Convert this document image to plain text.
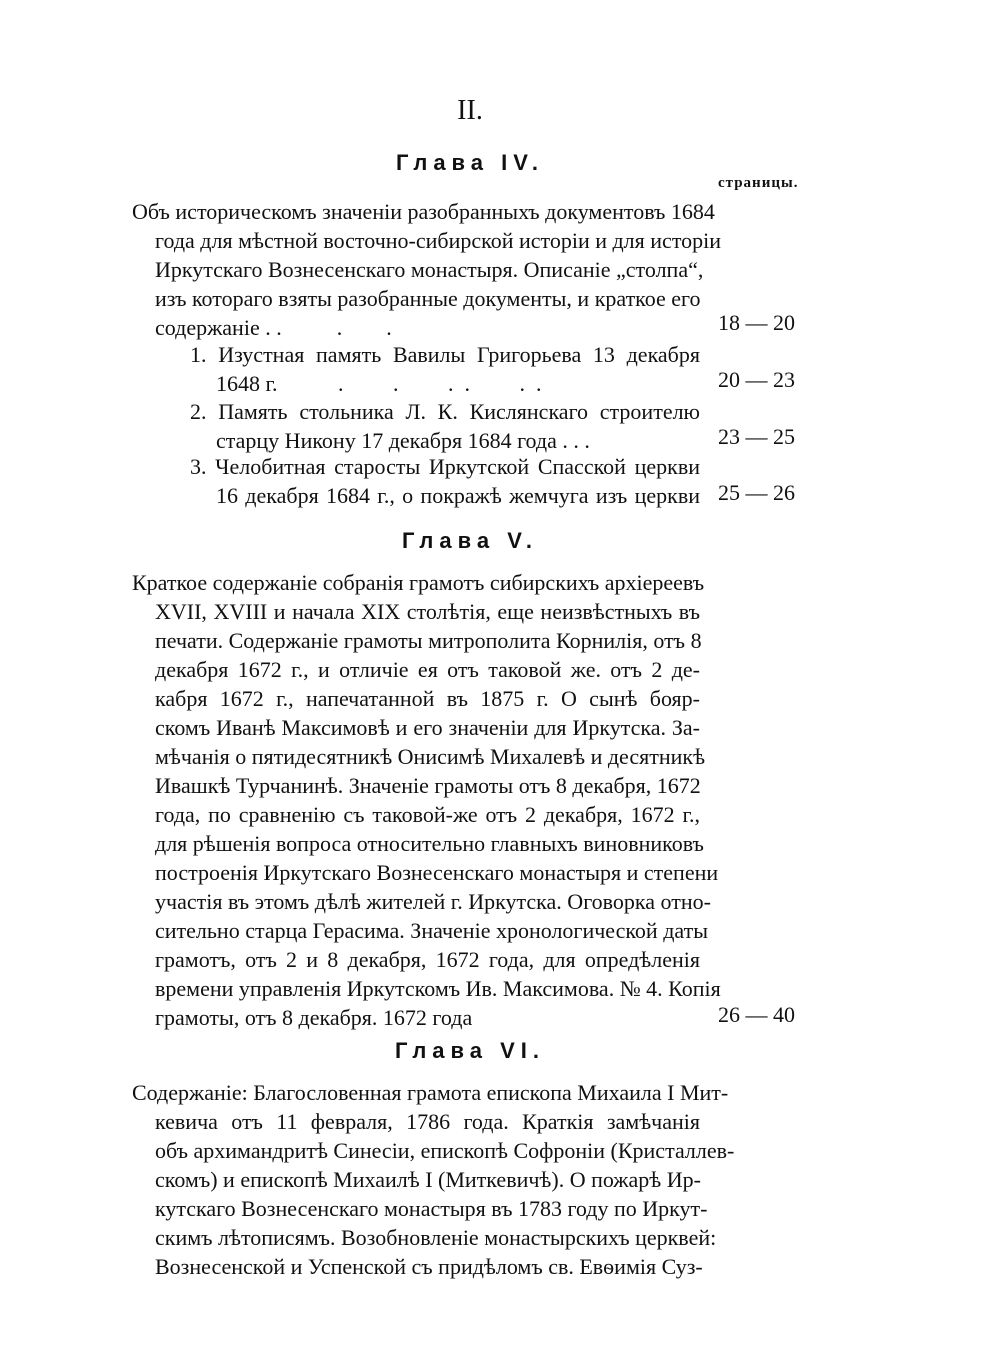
II.
Глава IV.
страницы.
Объ историческомъ значеніи разобранныхъ документовъ 1684
года для мѣстной восточно-сибирской исторіи и для исторіи
Иркутскаго Вознесенскаго монастыря. Описаніе „столпа“,
изъ котораго взяты разобранные документы, и краткое его
содержаніе . .          .        .	18 — 20
1. Изустная память Вавилы Григорьева 13 декабря
1648 г.           .         .         .  .         .  .	20 — 23
2. Память стольника Л. К. Кислянскаго строителю
старцу Никону 17 декабря 1684 года . . .	23 — 25
3. Челобитная старосты Иркутской Спасской церкви
16 декабря 1684 г., о покражѣ жемчуга изъ церкви 25 — 26
Глава V.
Краткое содержаніе собранія грамотъ сибирскихъ архіереевъ
XVII, XVIII и начала XIX столѣтія, еще неизвѣстныхъ въ
печати. Содержаніе грамоты митрополита Корнилія, отъ 8
декабря 1672 г., и отличіе ея отъ таковой же. отъ 2 де-
кабря 1672 г., напечатанной въ 1875 г. О сынѣ бояр-
скомъ Иванѣ Максимовѣ и его значеніи для Иркутска. За-
мѣчанія о пятидесятникѣ Онисимѣ Михалевѣ и десятникѣ
Ивашкѣ Турчанинѣ. Значеніе грамоты отъ 8 декабря, 1672
года, по сравненію съ таковой-же отъ 2 декабря, 1672 г.,
для рѣшенія вопроса относительно главныхъ виновниковъ
построенія Иркутскаго Вознесенскаго монастыря и степени
участія въ этомъ дѣлѣ жителей г. Иркутска. Оговорка отно-
сительно старца Герасима. Значеніе хронологической даты
грамотъ, отъ 2 и 8 декабря, 1672 года, для опредѣленія
времени управленія Иркутскомъ Ив. Максимова. № 4. Копія
грамоты, отъ 8 декабря. 1672 года	26 — 40
Глава VI.
Содержаніе: Благословенная грамота епископа Михаила I Мит-
кевича отъ 11 февраля, 1786 года. Краткія замѣчанія
объ архимандритѣ Синесіи, епископѣ Софроніи (Кристаллев-
скомъ) и епископѣ Михаилѣ I (Миткевичѣ). О пожарѣ Ир-
кутскаго Вознесенскаго монастыря въ 1783 году по Иркут-
скимъ лѣтописямъ. Возобновленіе монастырскихъ церквей:
Вознесенской и Успенской съ придѣломъ св. Евѳимія Суз-
